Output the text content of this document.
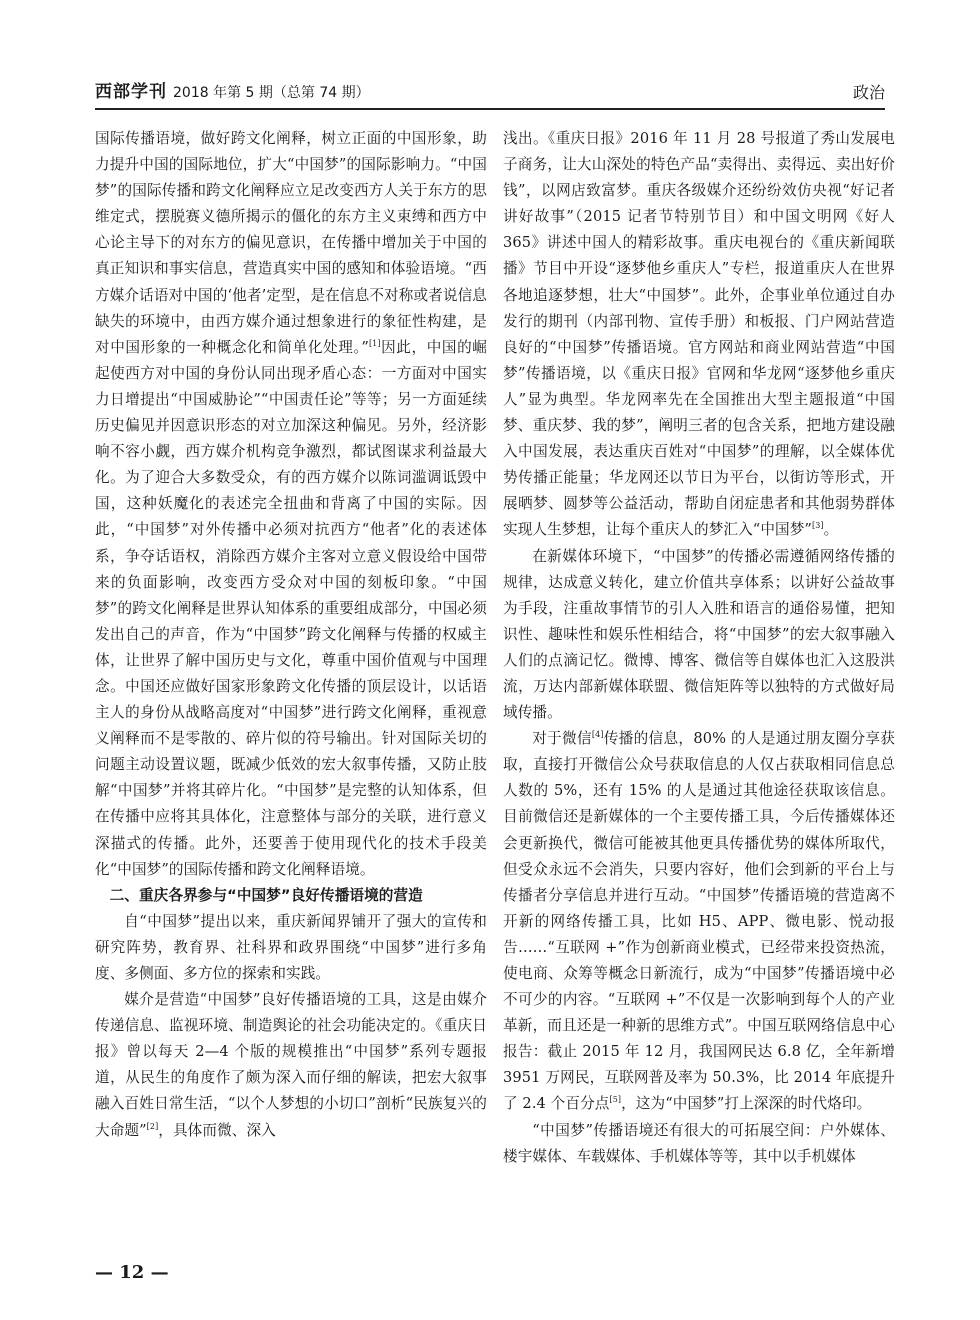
西部学刊 2018 年第 5 期（总第 74 期）	政治

国际传播语境，做好跨文化阐释，树立正面的中国形象，助力提升中国的国际地位，扩大“中国梦”的国际影响力。“中国梦”的国际传播和跨文化阐释应立足改变西方人关于东方的思维定式，摆脱赛义德所揭示的僵化的东方主义束缚和西方中心论主导下的对东方的偏见意识，在传播中增加关于中国的真正知识和事实信息，营造真实中国的感知和体验语境。“西方媒介话语对中国的‘他者’定型，是在信息不对称或者说信息缺失的环境中，由西方媒介通过想象进行的象征性构建，是对中国形象的一种概念化和简单化处理。”[1]因此，中国的崛起使西方对中国的身份认同出现矛盾心态：一方面对中国实力日增提出“中国威胁论”“中国责任论”等等；另一方面延续历史偏见并因意识形态的对立加深这种偏见。另外，经济影响不容小觑，西方媒介机构竞争激烈，都试图谋求利益最大化。为了迎合大多数受众，有的西方媒介以陈词滥调诋毁中国，这种妖魔化的表述完全扭曲和背离了中国的实际。因此，“中国梦”对外传播中必须对抗西方“他者”化的表述体系，争夺话语权，消除西方媒介主客对立意义假设给中国带来的负面影响，改变西方受众对中国的刻板印象。“中国梦”的跨文化阐释是世界认知体系的重要组成部分，中国必须发出自己的声音，作为“中国梦”跨文化阐释与传播的权威主体，让世界了解中国历史与文化，尊重中国价值观与中国理念。中国还应做好国家形象跨文化传播的顶层设计，以话语主人的身份从战略高度对“中国梦”进行跨文化阐释，重视意义阐释而不是零散的、碎片似的符号输出。针对国际关切的问题主动设置议题，既减少低效的宏大叙事传播，又防止肢解“中国梦”并将其碎片化。“中国梦”是完整的认知体系，但在传播中应将其具体化，注意整体与部分的关联，进行意义深描式的传播。此外，还要善于使用现代化的技术手段美化“中国梦”的国际传播和跨文化阐释语境。

二、重庆各界参与“中国梦”良好传播语境的营造

自“中国梦”提出以来，重庆新闻界铺开了强大的宣传和研究阵势，教育界、社科界和政界围绕“中国梦”进行多角度、多侧面、多方位的探索和实践。

媒介是营造“中国梦”良好传播语境的工具，这是由媒介传递信息、监视环境、制造舆论的社会功能决定的。《重庆日报》曾以每天 2—4 个版的规模推出“中国梦”系列专题报道，从民生的角度作了颇为深入而仔细的解读，把宏大叙事融入百姓日常生活，“以个人梦想的小切口”剖析“民族复兴的大命题”[2]，具体而微、深入

浅出。《重庆日报》2016 年 11 月 28 号报道了秀山发展电子商务，让大山深处的特色产品“卖得出、卖得远、卖出好价钱”，以网店致富梦。重庆各级媒介还纷纷效仿央视“好记者讲好故事”（2015 记者节特别节目）和中国文明网《好人 365》讲述中国人的精彩故事。重庆电视台的《重庆新闻联播》节目中开设“逐梦他乡重庆人”专栏，报道重庆人在世界各地追逐梦想，壮大“中国梦”。此外，企事业单位通过自办发行的期刊（内部刊物、宣传手册）和板报、门户网站营造良好的“中国梦”传播语境。官方网站和商业网站营造“中国梦”传播语境，以《重庆日报》官网和华龙网“逐梦他乡重庆人”显为典型。华龙网率先在全国推出大型主题报道“中国梦、重庆梦、我的梦”，阐明三者的包含关系，把地方建设融入中国发展，表达重庆百姓对“中国梦”的理解，以全媒体优势传播正能量；华龙网还以节日为平台，以街访等形式，开展晒梦、圆梦等公益活动，帮助自闭症患者和其他弱势群体实现人生梦想，让每个重庆人的梦汇入“中国梦”[3]。

在新媒体环境下，“中国梦”的传播必需遵循网络传播的规律，达成意义转化，建立价值共享体系；以讲好公益故事为手段，注重故事情节的引人入胜和语言的通俗易懂，把知识性、趣味性和娱乐性相结合，将“中国梦”的宏大叙事融入人们的点滴记忆。微博、博客、微信等自媒体也汇入这股洪流，万达内部新媒体联盟、微信矩阵等以独特的方式做好局域传播。

对于微信[4]传播的信息，80% 的人是通过朋友圈分享获取，直接打开微信公众号获取信息的人仅占获取相同信息总人数的 5%，还有 15% 的人是通过其他途径获取该信息。目前微信还是新媒体的一个主要传播工具，今后传播媒体还会更新换代，微信可能被其他更具传播优势的媒体所取代，但受众永远不会消失，只要内容好，他们会到新的平台上与传播者分享信息并进行互动。“中国梦”传播语境的营造离不开新的网络传播工具，比如 H5、APP、微电影、悦动报告……“互联网 +”作为创新商业模式，已经带来投资热流，使电商、众筹等概念日新流行，成为“中国梦”传播语境中必不可少的内容。“互联网 +”不仅是一次影响到每个人的产业革新，而且还是一种新的思维方式”。中国互联网络信息中心报告：截止 2015 年 12 月，我国网民达 6.8 亿，全年新增 3951 万网民，互联网普及率为 50.3%，比 2014 年底提升了 2.4 个百分点[5]，这为“中国梦”打上深深的时代烙印。

“中国梦”传播语境还有很大的可拓展空间：户外媒体、楼宇媒体、车载媒体、手机媒体等等，其中以手机媒体

— 12 —
